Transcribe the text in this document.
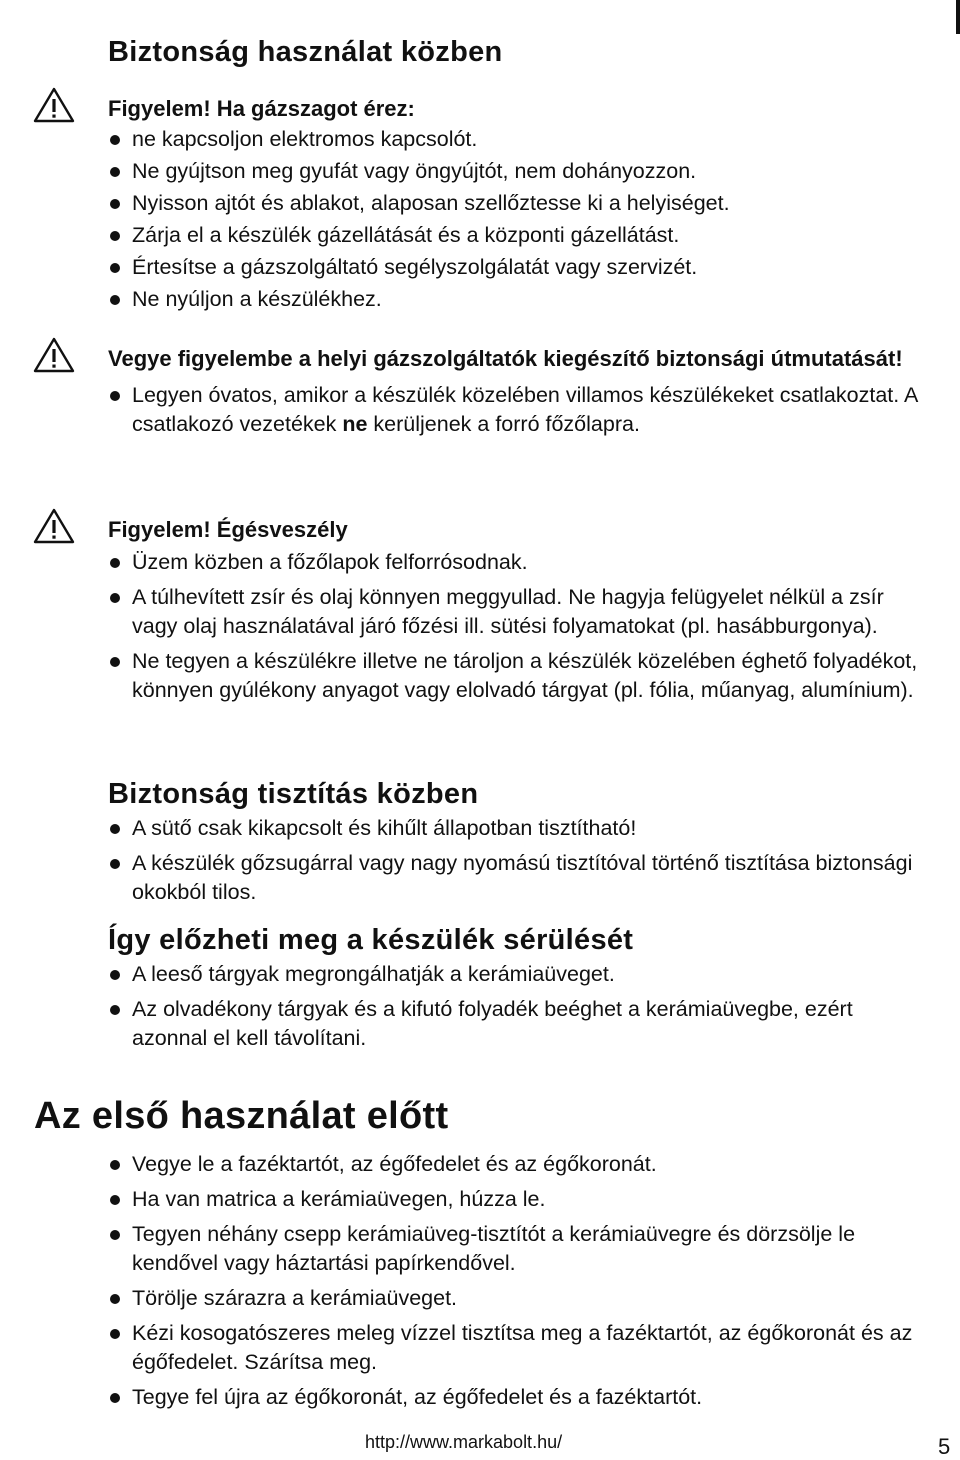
Biztonság használat közben

Figyelem! Ha gázszagot érez:

ne kapcsoljon elektromos kapcsolót.
Ne gyújtson meg gyufát vagy öngyújtót, nem dohányozzon.
Nyisson ajtót és ablakot, alaposan szellőztesse ki a helyiséget.
Zárja el a készülék gázellátását és a központi gázellátást.
Értesítse a gázszolgáltató segélyszolgálatát vagy szervizét.
Ne nyúljon a készülékhez.

Vegye figyelembe a helyi gázszolgáltatók kiegészítő biztonsági útmutatását!

Legyen óvatos, amikor a készülék közelében villamos készülékeket csatlakoztat. A csatlakozó vezetékek ne kerüljenek a forró főzőlapra.

Figyelem! Égésveszély

Üzem közben a főzőlapok felforrósodnak.
A túlhevített zsír és olaj könnyen meggyullad. Ne hagyja felügyelet nélkül a zsír vagy olaj használatával járó főzési ill. sütési folyamatokat (pl. hasábburgonya).
Ne tegyen a készülékre illetve ne tároljon a készülék közelében éghető folyadékot, könnyen gyúlékony anyagot vagy elolvadó tárgyat (pl. fólia, műanyag, alumínium).
Biztonság tisztítás közben
A sütő csak kikapcsolt és kihűlt állapotban tisztítható!
A készülék gőzsugárral vagy nagy nyomású tisztítóval történő tisztítása biztonsági okokból tilos.
Így előzheti meg a készülék sérülését
A leeső tárgyak megrongálhatják a kerámiaüveget.
Az olvadékony tárgyak és a kifutó folyadék beéghet a kerámiaüvegbe, ezért azonnal el kell távolítani.
Az első használat előtt
Vegye le a fazéktartót, az égőfedelet és az égőkoronát.
Ha van matrica a kerámiaüvegen, húzza le.
Tegyen néhány csepp kerámiaüveg-tisztítót a kerámiaüvegre és dörzsölje le kendővel vagy háztartási papírkendővel.
Törölje szárazra a kerámiaüveget.
Kézi kosogatószeres meleg vízzel tisztítsa meg a fazéktartót, az égőkoronát és az égőfedelet. Szárítsa meg.
Tegye fel újra az égőkoronát, az égőfedelet és a fazéktartót.
http://www.markabolt.hu/	5
